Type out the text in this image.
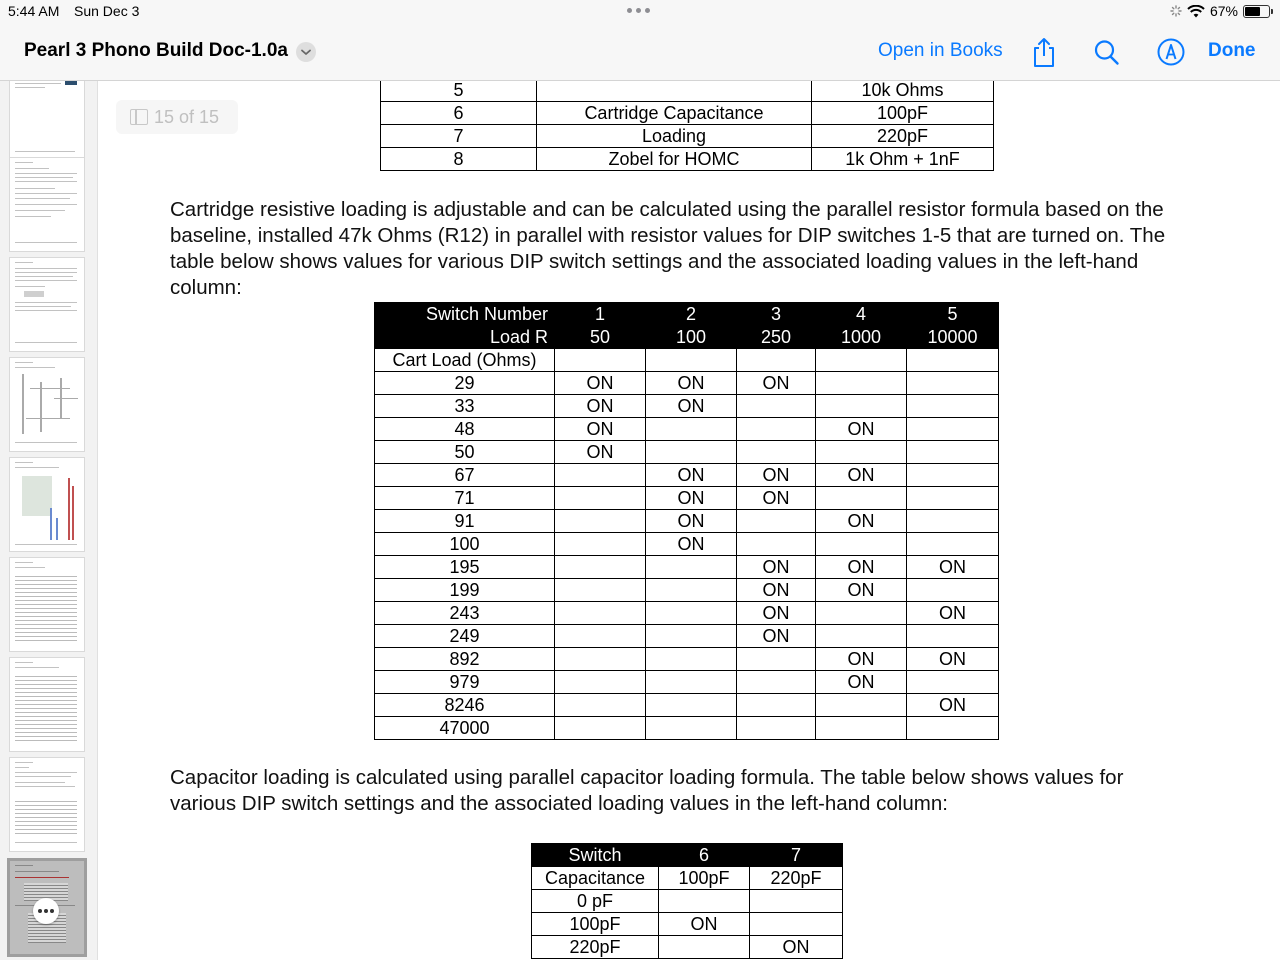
5:44 AM Sun Dec 3	67%
Pearl 3 Phono Build Doc-1.0a	Open in Books	Done
15 of 15
5		10k Ohms
6	Cartridge Capacitance	100pF
7	Loading	220pF
8	Zobel for HOMC	1k Ohm + 1nF

Cartridge resistive loading is adjustable and can be calculated using the parallel resistor formula based on the baseline, installed 47k Ohms (R12) in parallel with resistor values for DIP switches 1-5 that are turned on. The table below shows values for various DIP switch settings and the associated loading values in the left-hand column:

Switch Number	1	2	3	4	5
Load R	50	100	250	1000	10000
Cart Load (Ohms)					
29	ON	ON	ON		
33	ON	ON			
48	ON			ON	
50	ON				
67		ON	ON	ON	
71		ON	ON		
91		ON		ON	
100		ON			
195			ON	ON	ON
199			ON	ON	
243			ON		ON
249			ON		
892				ON	ON
979				ON	
8246					ON
47000					

Capacitor loading is calculated using parallel capacitor loading formula. The table below shows values for various DIP switch settings and the associated loading values in the left-hand column:

Switch	6	7
Capacitance	100pF	220pF
0 pF		
100pF	ON	
220pF		ON
